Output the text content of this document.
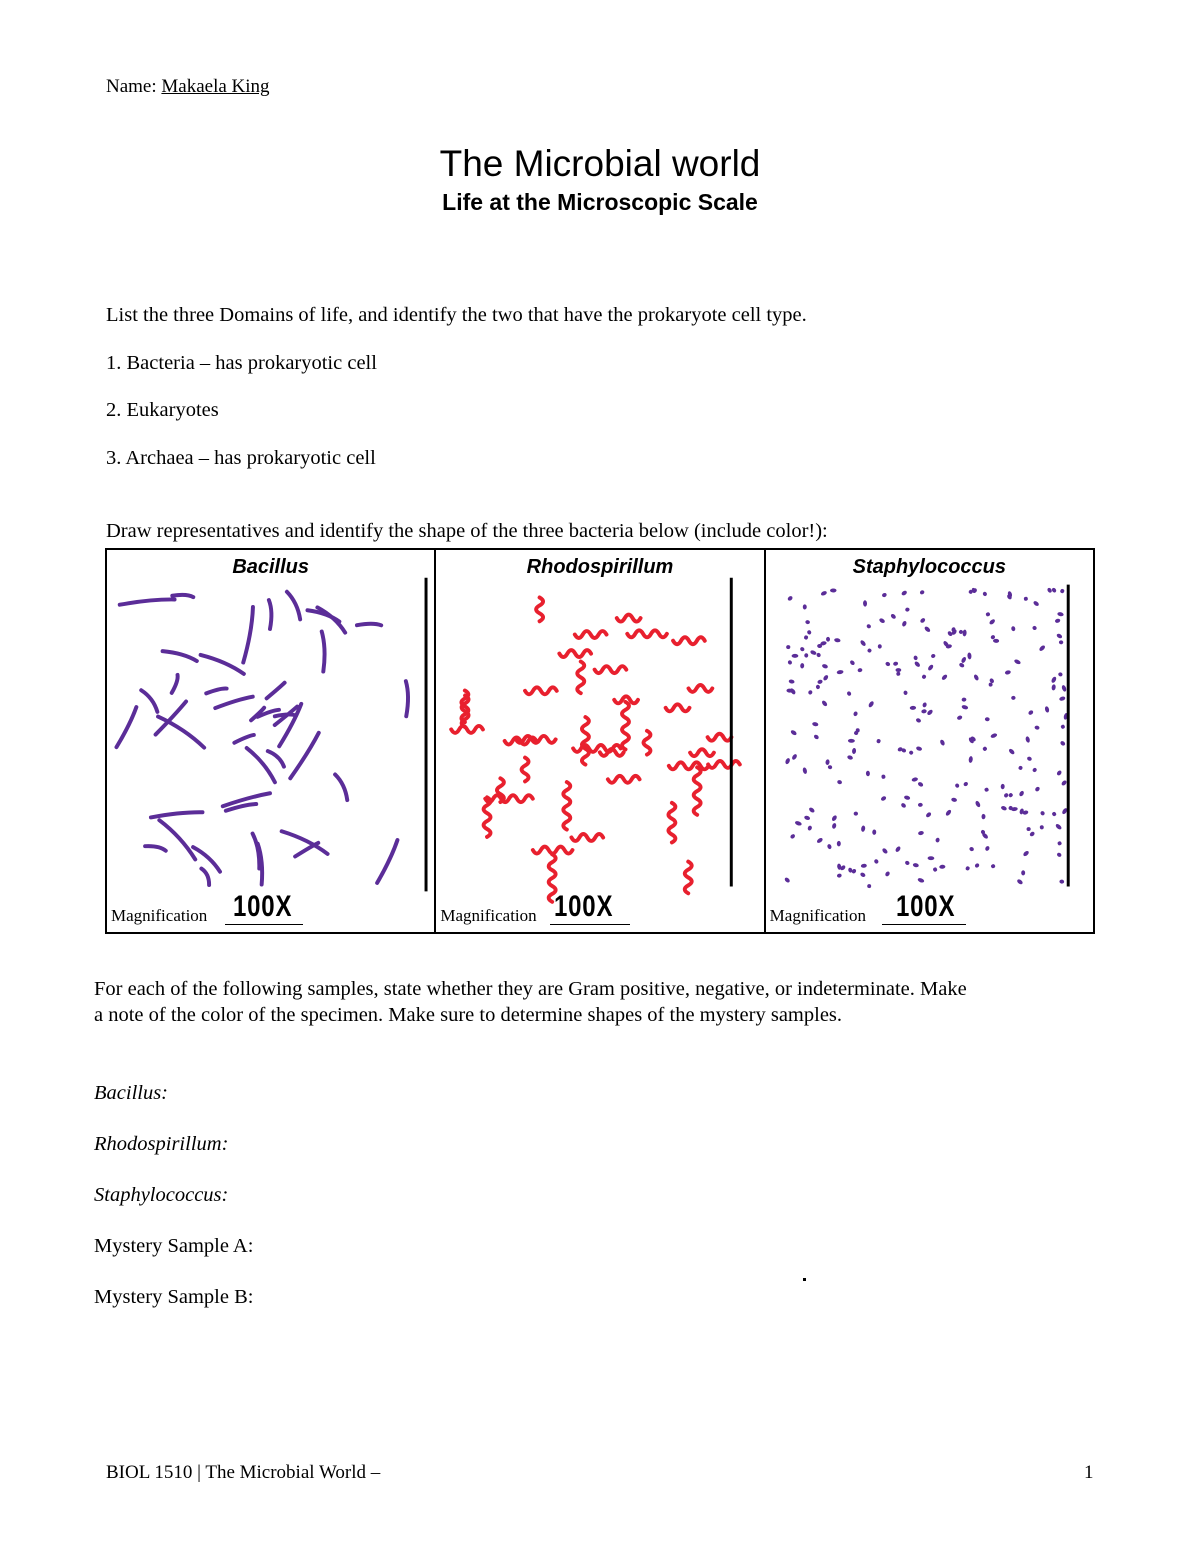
Name: Makaela King
The Microbial world
Life at the Microscopic Scale
List the three Domains of life, and identify the two that have the prokaryote cell type.
1. Bacteria – has prokaryotic cell
2. Eukaryotes
3. Archaea – has prokaryotic cell
Draw representatives and identify the shape of the three bacteria below (include color!):
Bacillus
Magnification 100X
Rhodospirillum
Magnification 100X
Staphylococcus
Magnification 100X
For each of the following samples, state whether they are Gram positive, negative, or indeterminate. Make
a note of the color of the specimen. Make sure to determine shapes of the mystery samples.
Bacillus:
Rhodospirillum:
Staphylococcus:
Mystery Sample A:
Mystery Sample B:
BIOL 1510 | The Microbial World –	1
